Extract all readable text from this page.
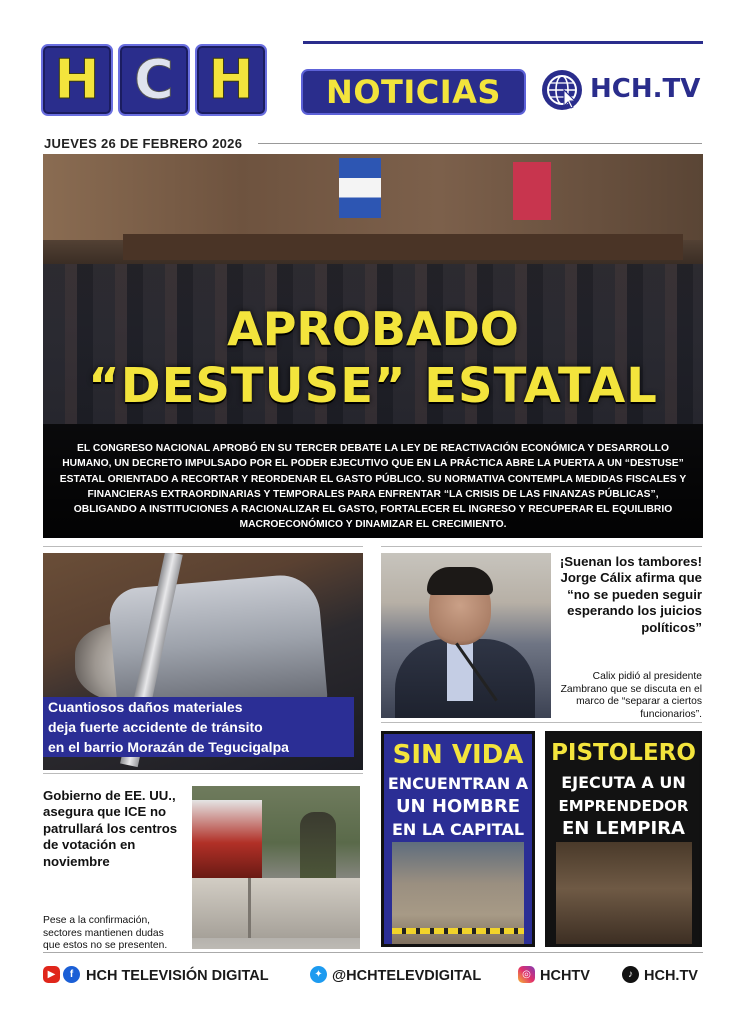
H C H NOTICIAS	HCH.TV
JUEVES 26 DE FEBRERO 2026
APROBADO
“DESTUSE” ESTATAL
EL CONGRESO NACIONAL APROBÓ EN SU TERCER DEBATE LA LEY DE REACTIVACIÓN ECONÓMICA Y DESARROLLO HUMANO, UN DECRETO IMPULSADO POR EL PODER EJECUTIVO QUE EN LA PRÁCTICA ABRE LA PUERTA A UN “DESTUSE” ESTATAL ORIENTADO A RECORTAR Y REORDENAR EL GASTO PÚBLICO. SU NORMATIVA CONTEMPLA MEDIDAS FISCALES Y FINANCIERAS EXTRAORDINARIAS Y TEMPORALES PARA ENFRENTAR “LA CRISIS DE LAS FINANZAS PÚBLICAS”, OBLIGANDO A INSTITUCIONES A RACIONALIZAR EL GASTO, FORTALECER EL INGRESO Y RECUPERAR EL EQUILIBRIO MACROECONÓMICO Y DINAMIZAR EL CRECIMIENTO.
Cuantiosos daños materiales
deja fuerte accidente de tránsito
en el barrio Morazán de Tegucigalpa
¡Suenan los tambores! Jorge Cálix afirma que “no se pueden seguir esperando los juicios políticos”
Calix pidió al presidente Zambrano que se discuta en el marco de “separar a ciertos funcionarios”.
Gobierno de EE. UU., asegura que ICE no patrullará los centros de votación en noviembre
Pese a la confirmación, sectores mantienen dudas que estos no se presenten.
SIN VIDA
ENCUENTRAN A
UN HOMBRE
EN LA CAPITAL
PISTOLERO
EJECUTA A UN
EMPRENDEDOR
EN LEMPIRA
▶	f HCH TELEVISIÓN DIGITAL	✦ @HCHTELEVDIGITAL	◎ HCHTV	♪ HCH.TV
